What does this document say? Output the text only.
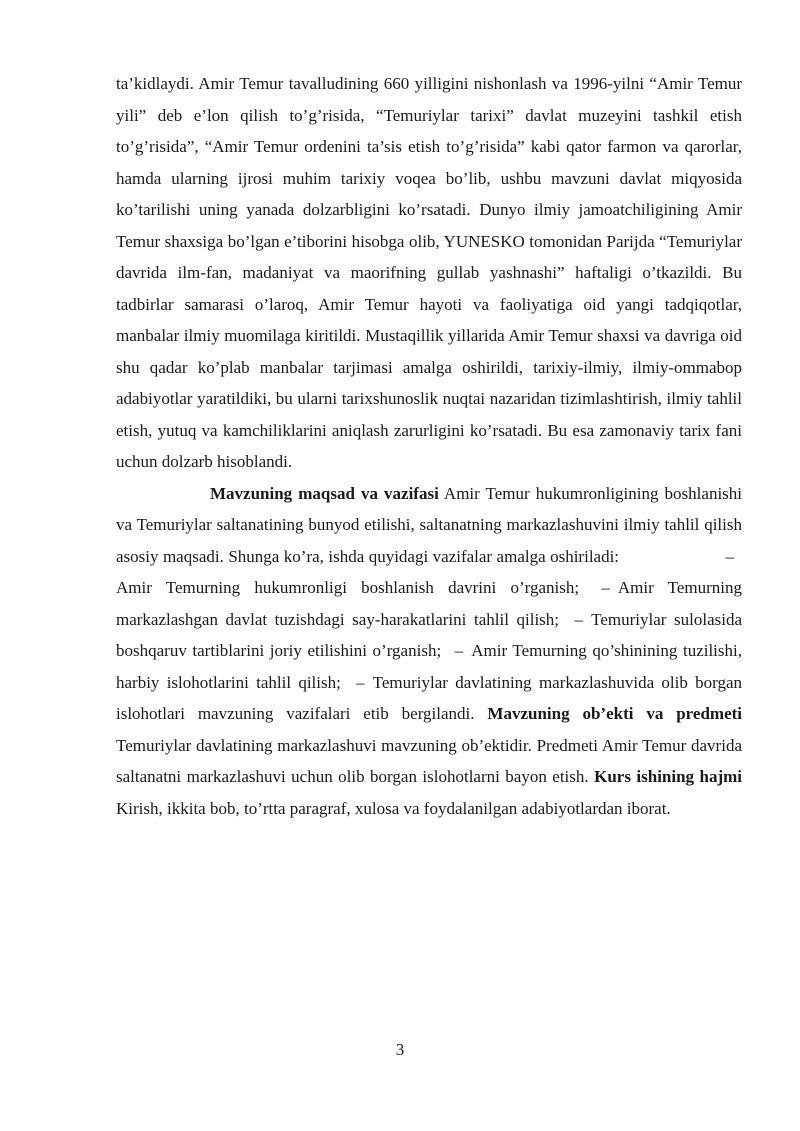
ta’kidlaydi. Amir Temur tavalludining 660 yilligini nishonlash va 1996-yilni “Amir Temur yili” deb e’lon qilish to’g’risida, “Temuriylar tarixi” davlat muzeyini tashkil etish to’g’risida”, “Amir Temur ordenini ta’sis etish to’g’risida” kabi qator farmon va qarorlar, hamda ularning ijrosi muhim tarixiy voqea bo’lib, ushbu mavzuni davlat miqyosida ko’tarilishi uning yanada dolzarbligini ko’rsatadi. Dunyo ilmiy jamoatchiligining Amir Temur shaxsiga bo’lgan e’tiborini hisobga olib, YUNESKO tomonidan Parijda “Temuriylar davrida ilm-fan, madaniyat va maorifning gullab yashnashi” haftaligi o’tkazildi. Bu tadbirlar samarasi o’laroq, Amir Temur hayoti va faoliyatiga oid yangi tadqiqotlar, manbalar ilmiy muomilaga kiritildi. Mustaqillik yillarida Amir Temur shaxsi va davriga oid shu qadar ko’plab manbalar tarjimasi amalga oshirildi, tarixiy-ilmiy, ilmiy-ommabop adabiyotlar yaratildiki, bu ularni tarixshunoslik nuqtai nazaridan tizimlashtirish, ilmiy tahlil etish, yutuq va kamchiliklarini aniqlash zarurligini ko’rsatadi. Bu esa zamonaviy tarix fani uchun dolzarb hisoblandi.

Mavzuning maqsad va vazifasi Amir Temur hukumronligining boshlanishi va Temuriylar saltanatining bunyod etilishi, saltanatning markazlashuvini ilmiy tahlil qilish asosiy maqsadi. Shunga ko’ra, ishda quyidagi vazifalar amalga oshiriladi:	–Amir Temurning hukumronligi boshlanish davrini o’rganish; – Amir Temurning markazlashgan davlat tuzishdagi say-harakatlarini tahlil qilish; – Temuriylar sulolasida boshqaruv tartiblarini joriy etilishini o’rganish; – Amir Temurning qo’shinining tuzilishi, harbiy islohotlarini tahlil qilish; – Temuriylar davlatining markazlashuvida olib borgan islohotlari mavzuning vazifalari etib bergilandi. Mavzuning ob’ekti va predmeti Temuriylar davlatining markazlashuvi mavzuning ob’ektidir. Predmeti Amir Temur davrida saltanatni markazlashuvi uchun olib borgan islohotlarni bayon etish. Kurs ishining hajmi Kirish, ikkita bob, to’rtta paragraf, xulosa va foydalanilgan adabiyotlardan iborat.

3
